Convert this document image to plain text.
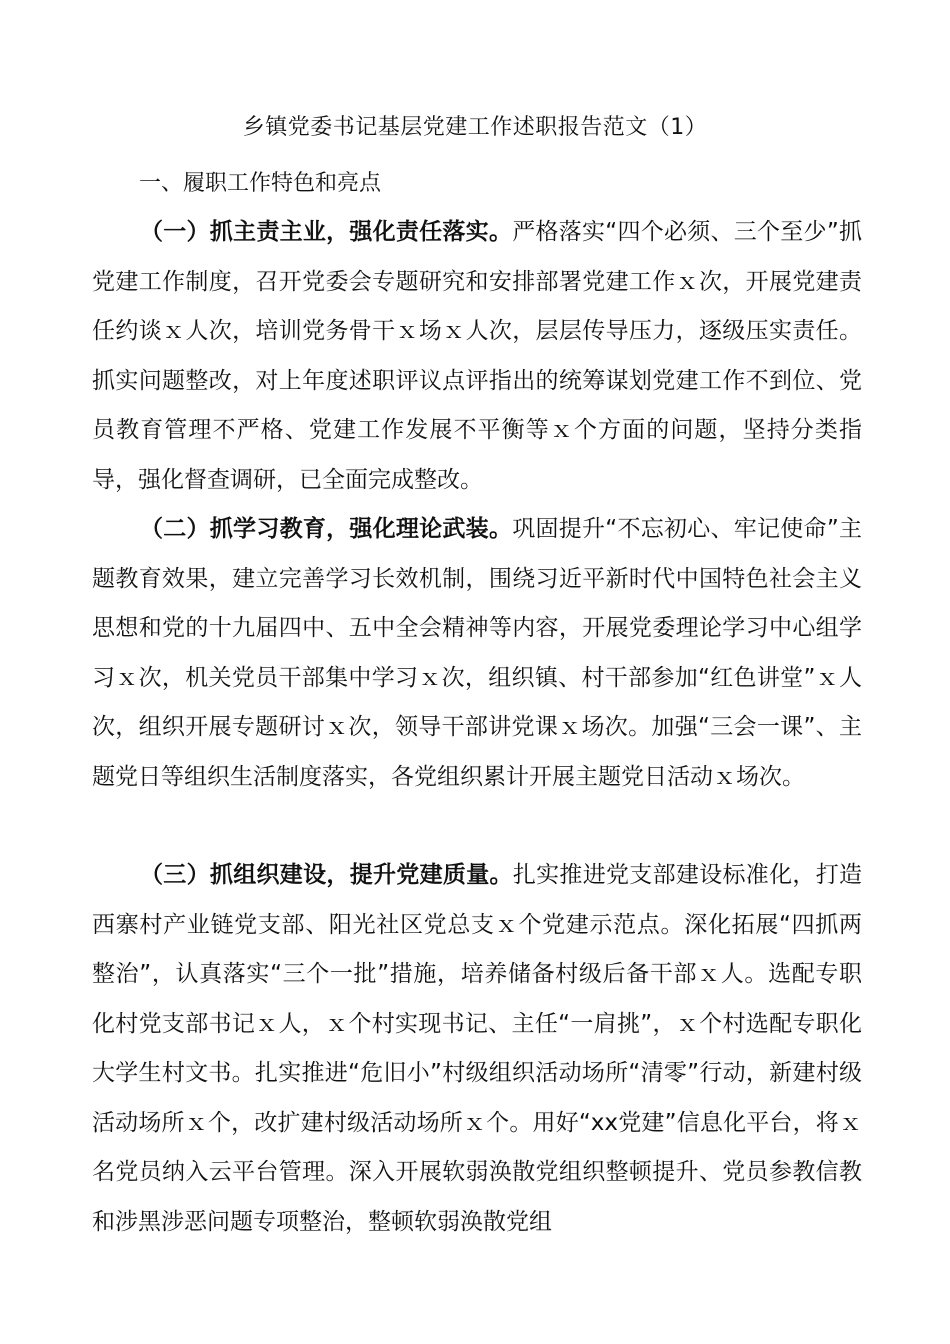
乡镇党委书记基层党建工作述职报告范文（1）
一、履职工作特色和亮点

（一）抓主责主业，强化责任落实。严格落实“四个必须、三个至少”抓党建工作制度，召开党委会专题研究和安排部署党建工作ｘ次，开展党建责任约谈ｘ人次，培训党务骨干ｘ场ｘ人次，层层传导压力，逐级压实责任。抓实问题整改，对上年度述职评议点评指出的统筹谋划党建工作不到位、党员教育管理不严格、党建工作发展不平衡等ｘ个方面的问题，坚持分类指导，强化督查调研，已全面完成整改。

（二）抓学习教育，强化理论武装。巩固提升“不忘初心、牢记使命”主题教育效果，建立完善学习长效机制，围绕习近平新时代中国特色社会主义思想和党的十九届四中、五中全会精神等内容，开展党委理论学习中心组学习ｘ次，机关党员干部集中学习ｘ次，组织镇、村干部参加“红色讲堂”ｘ人次，组织开展专题研讨ｘ次，领导干部讲党课ｘ场次。加强“三会一课”、主题党日等组织生活制度落实，各党组织累计开展主题党日活动ｘ场次。

（三）抓组织建设，提升党建质量。扎实推进党支部建设标准化，打造西寨村产业链党支部、阳光社区党总支ｘ个党建示范点。深化拓展“四抓两整治”，认真落实“三个一批”措施，培养储备村级后备干部ｘ人。选配专职化村党支部书记ｘ人，ｘ个村实现书记、主任“一肩挑”，ｘ个村选配专职化大学生村文书。扎实推进“危旧小”村级组织活动场所“清零”行动，新建村级活动场所ｘ个，改扩建村级活动场所ｘ个。用好“xx党建”信息化平台，将ｘ名党员纳入云平台管理。深入开展软弱涣散党组织整顿提升、党员参教信教和涉黑涉恶问题专项整治，整顿软弱涣散党组
